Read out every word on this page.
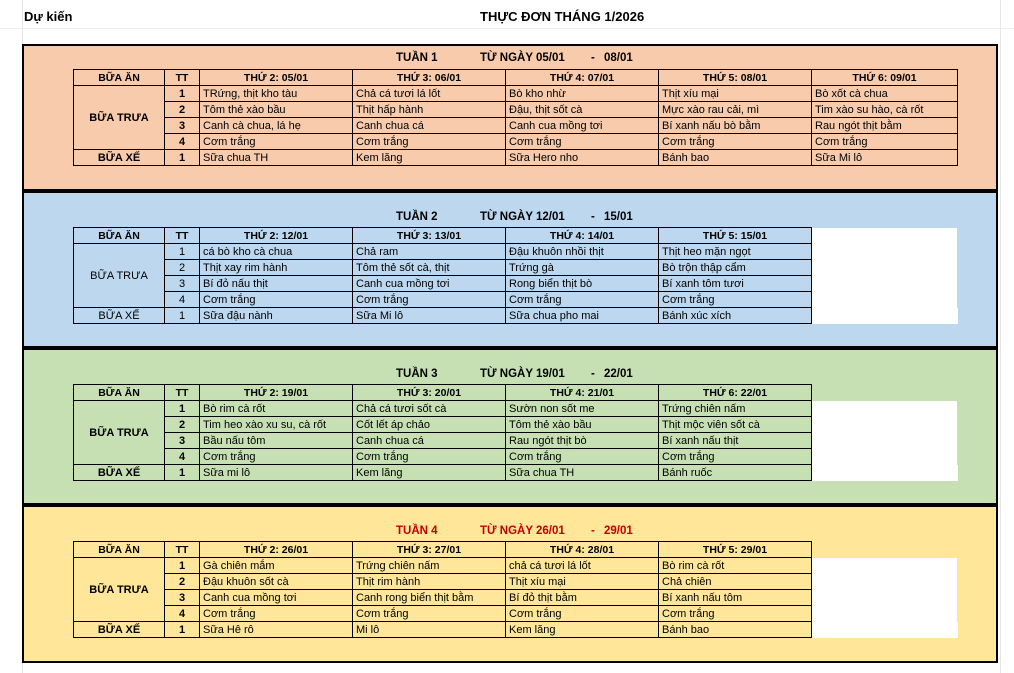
Dự kiến	THỰC ĐƠN THÁNG 1/2026
TUẦN 1	TỪ NGÀY 05/01 - 08/01
BỮA ĂN	TT	THỨ 2: 05/01	THỨ 3: 06/01	THỨ 4: 07/01	THỨ 5: 08/01	THỨ 6: 09/01
BỮA TRƯA	1	TRứng, thịt kho tàu	Chả cá tươi lá lốt	Bò kho nhừ	Thịt xíu mại	Bò xốt cà chua
	2	Tôm thẻ xào bầu	Thịt hấp hành	Đậu, thịt sốt cà	Mực xào rau cải, mì	Tim xào su hào, cà rốt
	3	Canh cà chua, lá hẹ	Canh chua cá	Canh cua mồng tơi	Bí xanh nấu bò bằm	Rau ngót thịt bằm
	4	Cơm trắng	Cơm trắng	Cơm trắng	Cơm trắng	Cơm trắng
BỮA XẾ	1	Sữa chua TH	Kem lăng	Sữa Hero nho	Bánh bao	Sữa Mi lô
TUẦN 2	TỪ NGÀY 12/01 - 15/01
BỮA ĂN	TT	THỨ 2: 12/01	THỨ 3: 13/01	THỨ 4: 14/01	THỨ 5: 15/01	
BỮA TRƯA	1	cá bò kho cà chua	Chả ram	Đậu khuôn nhồi thịt	Thịt heo mặn ngọt	
	2	Thịt xay rim hành	Tôm thẻ sốt cà, thịt	Trứng gà	Bò trộn thập cẩm	
	3	Bí đỏ nấu thịt	Canh cua mồng tơi	Rong biển thịt bò	Bí xanh tôm tươi	
	4	Cơm trắng	Cơm trắng	Cơm trắng	Cơm trắng	
BỮA XẾ	1	Sữa đậu nành	Sữa Mi lô	Sữa chua pho mai	Bánh xúc xích	
TUẦN 3	TỪ NGÀY 19/01 - 22/01
BỮA ĂN	TT	THỨ 2: 19/01	THỨ 3: 20/01	THỨ 4: 21/01	THỨ 6: 22/01	
BỮA TRƯA	1	Bò rim cà rốt	Chả cá tươi sốt cà	Sườn non sốt me	Trứng chiên nấm	
	2	Tim heo xào xu su, cà rốt	Cốt lết áp chảo	Tôm thẻ xào bầu	Thịt mộc viên sốt cà	
	3	Bầu nấu tôm	Canh chua cá	Rau ngót thịt bò	Bí xanh nấu thịt	
	4	Cơm trắng	Cơm trắng	Cơm trắng	Cơm trắng	
BỮA XẾ	1	Sữa mi lô	Kem lăng	Sữa chua TH	Bánh ruốc	
TUẦN 4	TỪ NGÀY 26/01 - 29/01
BỮA ĂN	TT	THỨ 2: 26/01	THỨ 3: 27/01	THỨ 4: 28/01	THỨ 5: 29/01	
BỮA TRƯA	1	Gà chiên mắm	Trứng chiên nấm	chả cá tươi lá lốt	Bò rim cà rốt	
	2	Đậu khuôn sốt cà	Thịt rim hành	Thịt xíu mại	Chả chiên	
	3	Canh cua mồng tơi	Canh rong biển thịt bằm	Bí đỏ thịt bằm	Bí xanh nấu tôm	
	4	Cơm trắng	Cơm trắng	Cơm trắng	Cơm trắng	
BỮA XẾ	1	Sữa Hê rô	Mi lô	Kem lăng	Bánh bao	
